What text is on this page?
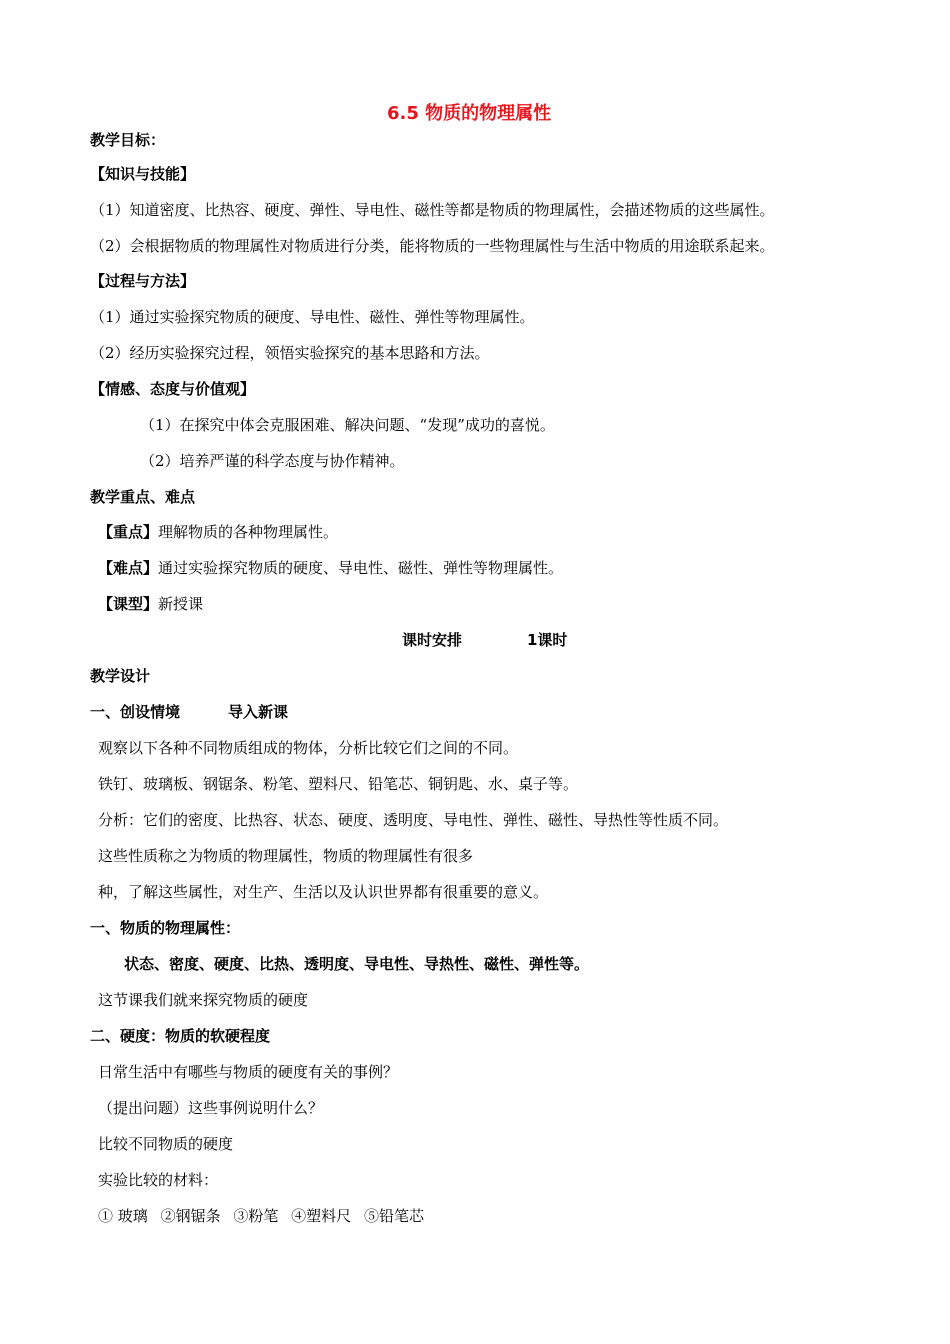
6.5 物质的物理属性
教学目标：
【知识与技能】
（1）知道密度、比热容、硬度、弹性、导电性、磁性等都是物质的物理属性，会描述物质的这些属性。
（2）会根据物质的物理属性对物质进行分类，能将物质的一些物理属性与生活中物质的用途联系起来。
【过程与方法】
（1）通过实验探究物质的硬度、导电性、磁性、弹性等物理属性。
（2）经历实验探究过程，领悟实验探究的基本思路和方法。
【情感、态度与价值观】
（1）在探究中体会克服困难、解决问题、“发现”成功的喜悦。
（2）培养严谨的科学态度与协作精神。
教学重点、难点
【重点】理解物质的各种物理属性。
【难点】通过实验探究物质的硬度、导电性、磁性、弹性等物理属性。
【课型】新授课
课时安排	1课时
教学设计
一、创设情境	导入新课
观察以下各种不同物质组成的物体，分析比较它们之间的不同。
铁钉、玻璃板、钢锯条、粉笔、塑料尺、铅笔芯、铜钥匙、水、桌子等。
分析：它们的密度、比热容、状态、硬度、透明度、导电性、弹性、磁性、导热性等性质不同。
这些性质称之为物质的物理属性，物质的物理属性有很多
种，了解这些属性，对生产、生活以及认识世界都有很重要的意义。
一、物质的物理属性：
状态、密度、硬度、比热、透明度、导电性、导热性、磁性、弹性等。
这节课我们就来探究物质的硬度
二、硬度：物质的软硬程度
日常生活中有哪些与物质的硬度有关的事例？
（提出问题）这些事例说明什么？
比较不同物质的硬度
实验比较的材料：
① 玻璃 ②钢锯条 ③粉笔 ④塑料尺 ⑤铅笔芯
